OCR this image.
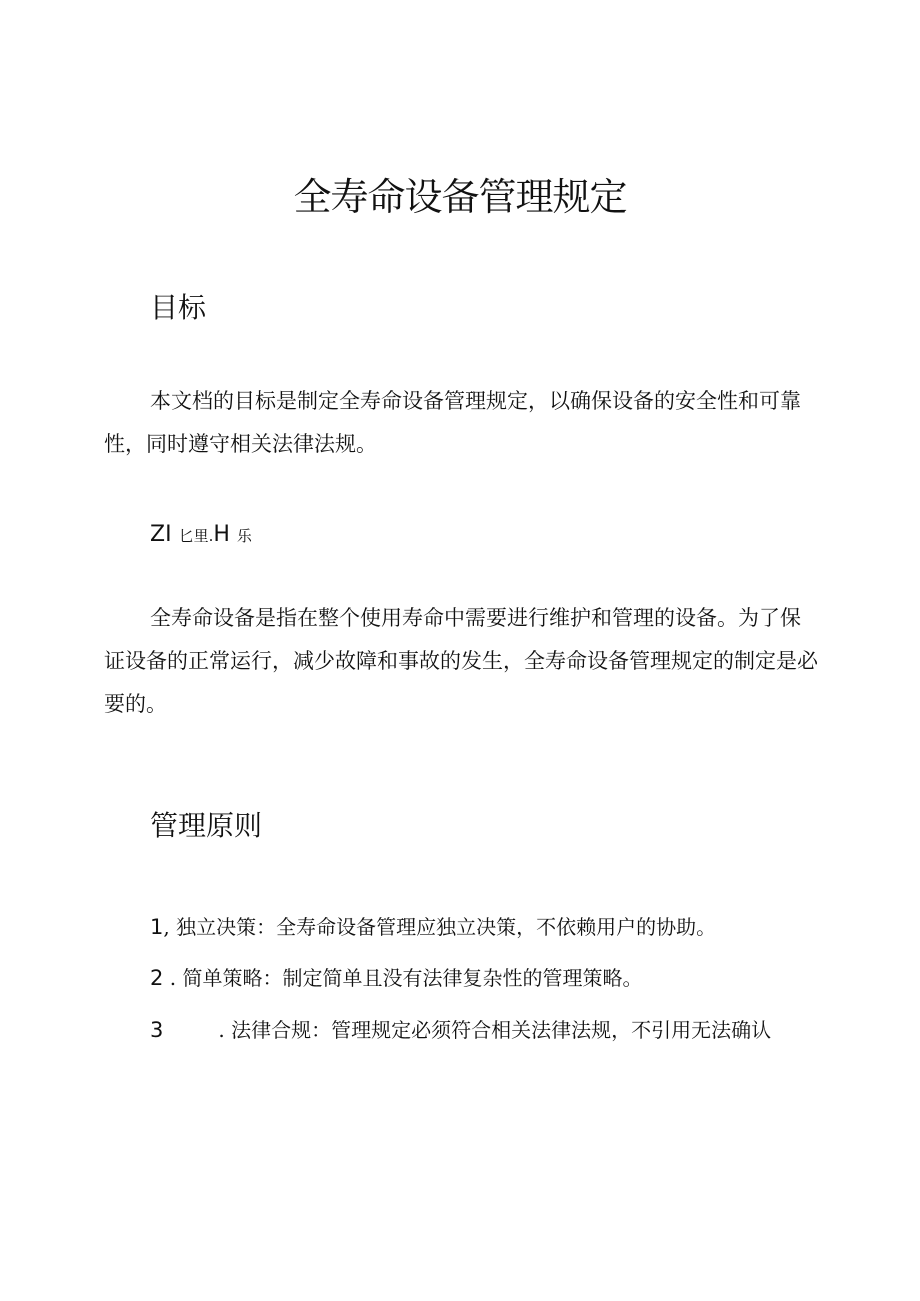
全寿命设备管理规定
目标

本文档的目标是制定全寿命设备管理规定，以确保设备的安全性和可靠性，同时遵守相关法律法规。

ZI 匕里.H 乐

全寿命设备是指在整个使用寿命中需要进行维护和管理的设备。为了保证设备的正常运行，减少故障和事故的发生，全寿命设备管理规定的制定是必要的。

管理原则
1, 独立决策：全寿命设备管理应独立决策，不依赖用户的协助。
2 . 简单策略：制定简单且没有法律复杂性的管理策略。
3 . 法律合规：管理规定必须符合相关法律法规，不引用无法确认
